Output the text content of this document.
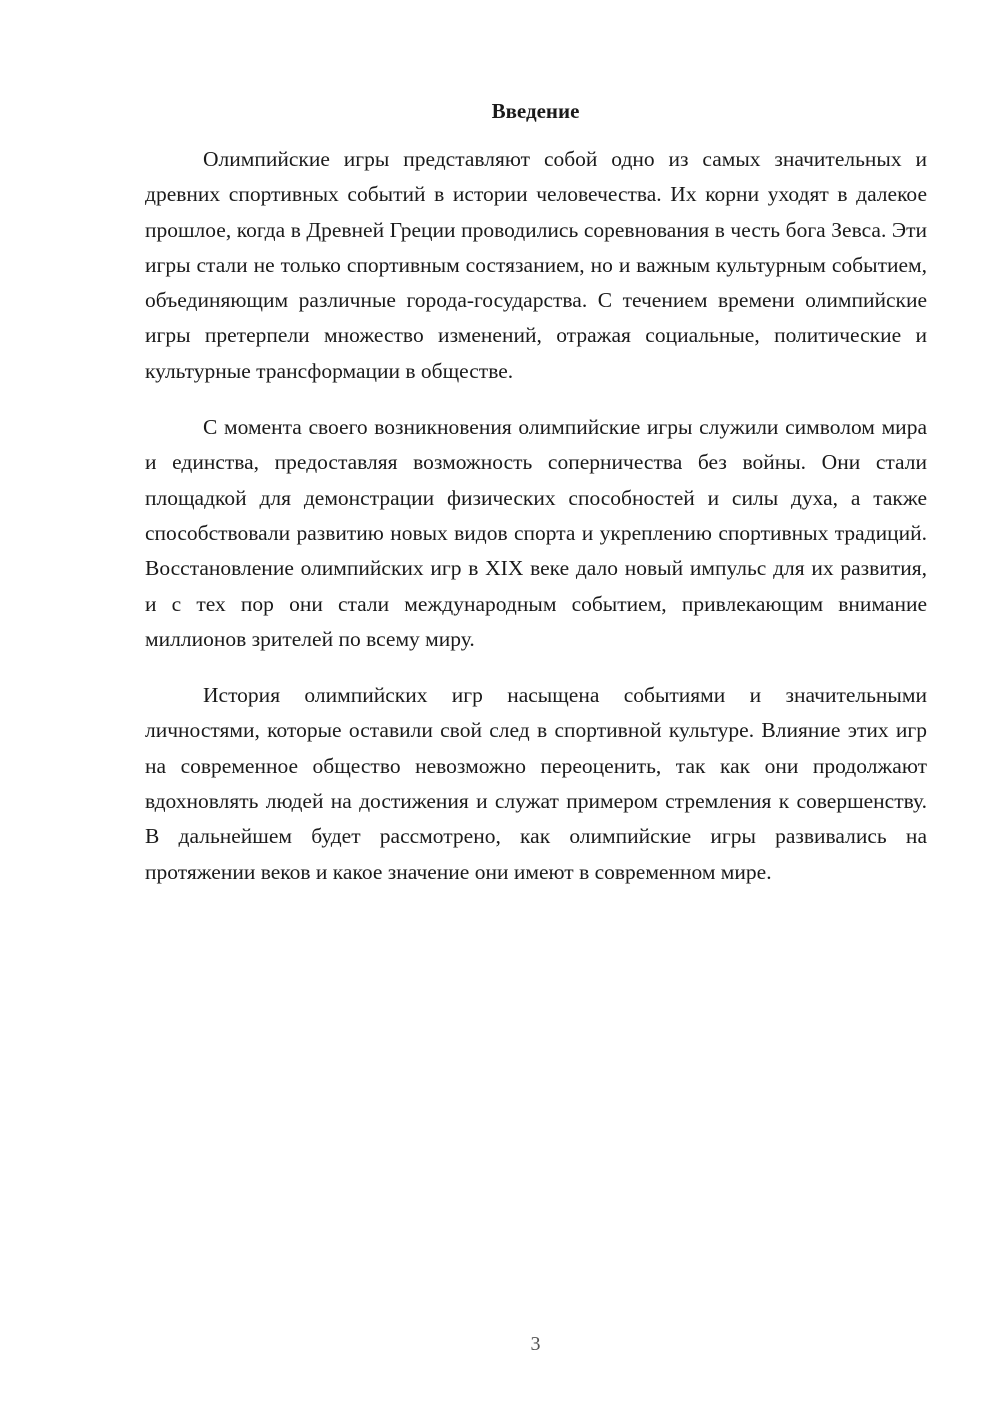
Введение

Олимпийские игры представляют собой одно из самых значительных и древних спортивных событий в истории человечества. Их корни уходят в далекое прошлое, когда в Древней Греции проводились соревнования в честь бога Зевса. Эти игры стали не только спортивным состязанием, но и важным культурным событием, объединяющим различные города-государства. С течением времени олимпийские игры претерпели множество изменений, отражая социальные, политические и культурные трансформации в обществе.

С момента своего возникновения олимпийские игры служили символом мира и единства, предоставляя возможность соперничества без войны. Они стали площадкой для демонстрации физических способностей и силы духа, а также способствовали развитию новых видов спорта и укреплению спортивных традиций. Восстановление олимпийских игр в XIX веке дало новый импульс для их развития, и с тех пор они стали международным событием, привлекающим внимание миллионов зрителей по всему миру.

История олимпийских игр насыщена событиями и значительными личностями, которые оставили свой след в спортивной культуре. Влияние этих игр на современное общество невозможно переоценить, так как они продолжают вдохновлять людей на достижения и служат примером стремления к совершенству. В дальнейшем будет рассмотрено, как олимпийские игры развивались на протяжении веков и какое значение они имеют в современном мире.

3
